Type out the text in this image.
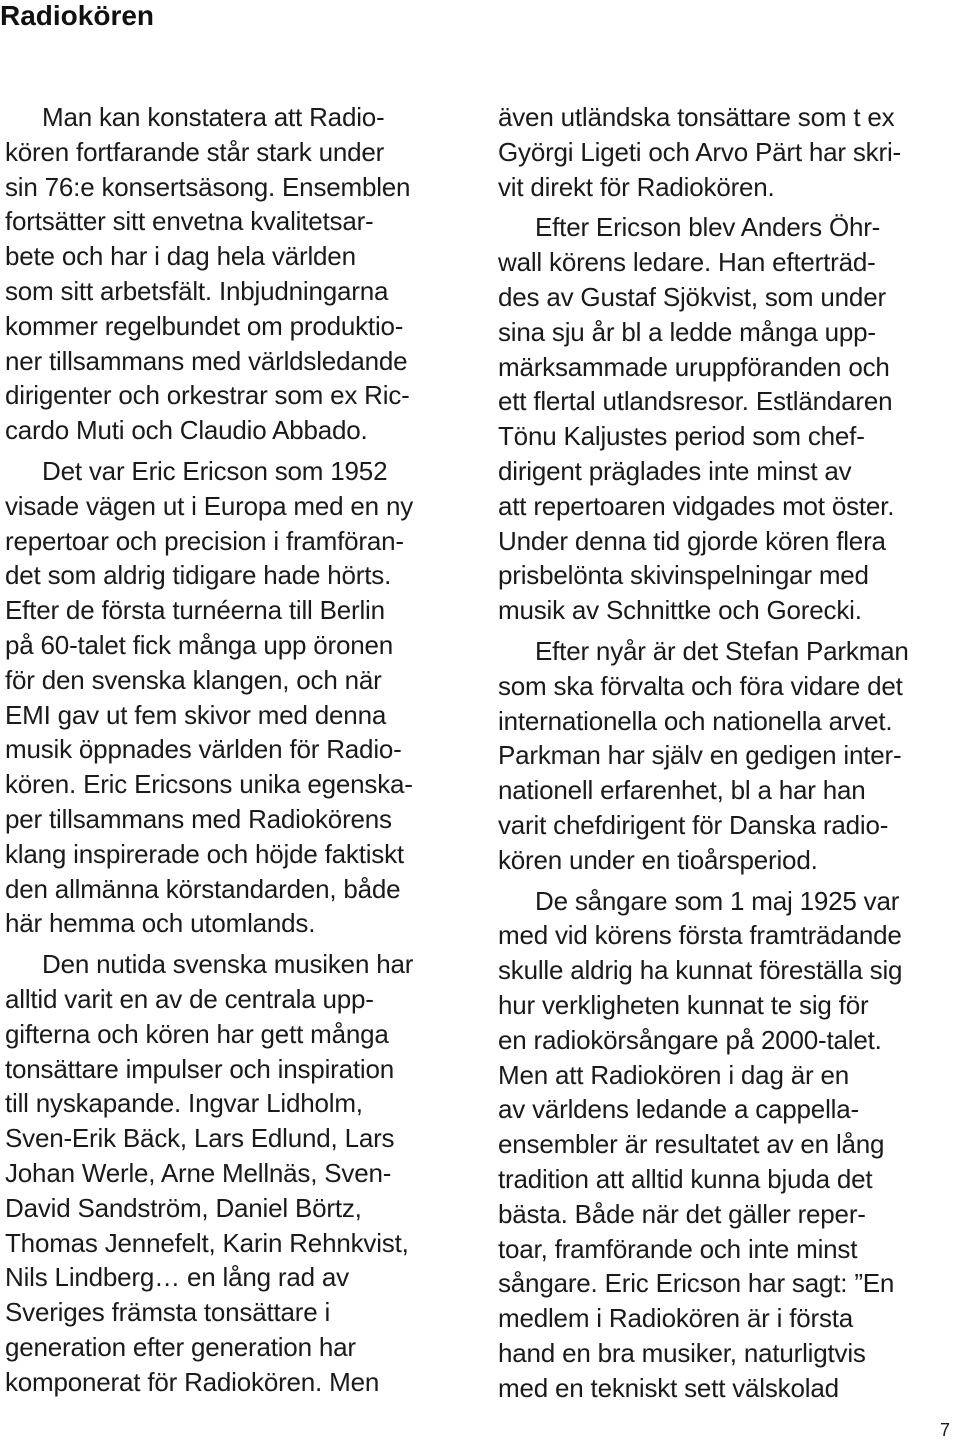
Radiokören
Man kan konstatera att Radio-
kören fortfarande står stark under
sin 76:e konsertsäsong. Ensemblen
fortsätter sitt envetna kvalitetsar-
bete och har i dag hela världen
som sitt arbetsfält. Inbjudningarna
kommer regelbundet om produktio-
ner tillsammans med världsledande
dirigenter och orkestrar som ex Ric-
cardo Muti och Claudio Abbado.
Det var Eric Ericson som 1952
visade vägen ut i Europa med en ny
repertoar och precision i framföran-
det som aldrig tidigare hade hörts.
Efter de första turnéerna till Berlin
på 60-talet fick många upp öronen
för den svenska klangen, och när
EMI gav ut fem skivor med denna
musik öppnades världen för Radio-
kören. Eric Ericsons unika egenska-
per tillsammans med Radiokörens
klang inspirerade och höjde faktiskt
den allmänna körstandarden, både
här hemma och utomlands.
Den nutida svenska musiken har
alltid varit en av de centrala upp-
gifterna och kören har gett många
tonsättare impulser och inspiration
till nyskapande. Ingvar Lidholm,
Sven-Erik Bäck, Lars Edlund, Lars
Johan Werle, Arne Mellnäs, Sven-
David Sandström, Daniel Börtz,
Thomas Jennefelt, Karin Rehnkvist,
Nils Lindberg… en lång rad av
Sveriges främsta tonsättare i
generation efter generation har
komponerat för Radiokören. Men
även utländska tonsättare som t ex
Györgi Ligeti och Arvo Pärt har skri-
vit direkt för Radiokören.
Efter Ericson blev Anders Öhr-
wall körens ledare. Han efterträd-
des av Gustaf Sjökvist, som under
sina sju år bl a ledde många upp-
märksammade uruppföranden och
ett flertal utlandsresor. Estländaren
Tönu Kaljustes period som chef-
dirigent präglades inte minst av
att repertoaren vidgades mot öster.
Under denna tid gjorde kören flera
prisbelönta skivinspelningar med
musik av Schnittke och Gorecki.
Efter nyår är det Stefan Parkman
som ska förvalta och föra vidare det
internationella och nationella arvet.
Parkman har själv en gedigen inter-
nationell erfarenhet, bl a har han
varit chefdirigent för Danska radio-
kören under en tioårsperiod.
De sångare som 1 maj 1925 var
med vid körens första framträdande
skulle aldrig ha kunnat föreställa sig
hur verkligheten kunnat te sig för
en radiokörsångare på 2000-talet.
Men att Radiokören i dag är en
av världens ledande a cappella-
ensembler är resultatet av en lång
tradition att alltid kunna bjuda det
bästa. Både när det gäller reper-
toar, framförande och inte minst
sångare. Eric Ericson har sagt: ”En
medlem i Radiokören är i första
hand en bra musiker, naturligtvis
med en tekniskt sett välskolad
7
